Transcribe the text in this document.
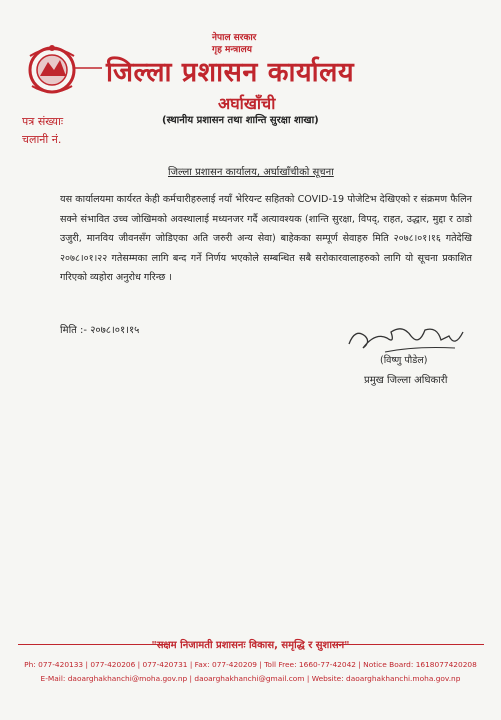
नेपाल सरकार
गृह मन्त्रालय
जिल्ला प्रशासन कार्यालय
अर्घाखाँची
(स्थानीय प्रशासन तथा शान्ति सुरक्षा शाखा)
पत्र संख्याः
चलानी नं.
जिल्ला प्रशासन कार्यालय, अर्घाखाँचीको सूचना
यस कार्यालयमा कार्यरत केही कर्मचारीहरुलाई नयाँ भेरियन्ट सहितको COVID-19 पोजेटिभ देखिएको र संक्रमण फैलिन सक्ने संभावित उच्च जोखिमको अवस्थालाई मध्यनजर गर्दै अत्यावश्यक (शान्ति सुरक्षा, विपद्, राहत, उद्धार, मुद्दा र ठाडो उजुरी, मानविय जीवनसँग जोडिएका अति जरुरी अन्य सेवा) बाहेकका सम्पूर्ण सेवाहरु मिति २०७८।०१।१६ गतेदेखि २०७८।०१।२२ गतेसम्मका लागि बन्द गर्ने निर्णय भएकोले सम्बन्धित सबै सरोकारवालाहरुको लागि यो सूचना प्रकाशित गरिएको व्यहोरा अनुरोध गरिन्छ ।
मिति :- २०७८।०१।१५
(विष्णु पौडेल)
प्रमुख जिल्ला अधिकारी
"सक्षम निजामती प्रशासनः विकास, समृद्धि र सुशासन"
Ph: 077-420133 | 077-420206 | 077-420731 | Fax: 077-420209 | Toll Free: 1660-77-42042 | Notice Board: 1618077420208
E-Mail: daoarghakhanchi@moha.gov.np | daoarghakhanchi@gmail.com | Website: daoarghakhanchi.moha.gov.np
